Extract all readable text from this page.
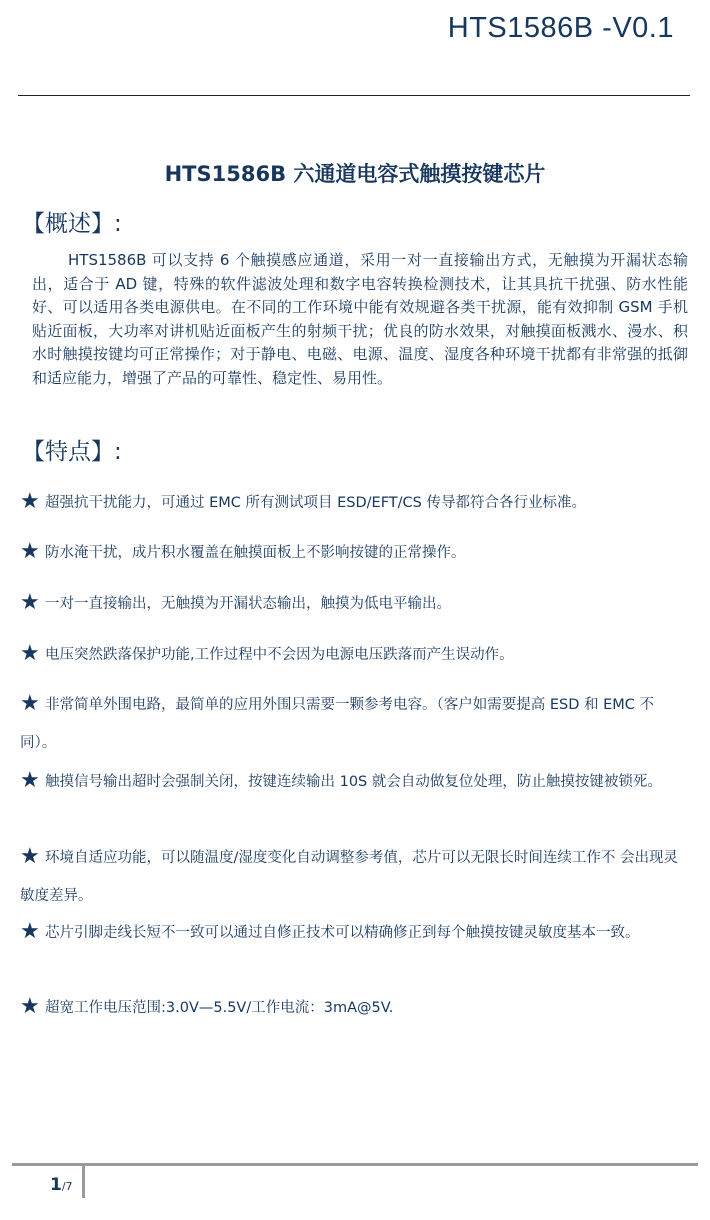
HTS1586B -V0.1
HTS1586B 六通道电容式触摸按键芯片
【概述】:
HTS1586B 可以支持 6 个触摸感应通道，采用一对一直接输出方式，无触摸为开漏状态输出，适合于 AD 键，特殊的软件滤波处理和数字电容转换检测技术，让其具抗干扰强、防水性能好、可以适用各类电源供电。在不同的工作环境中能有效规避各类干扰源，能有效抑制 GSM 手机贴近面板，大功率对讲机贴近面板产生的射频干扰；优良的防水效果，对触摸面板溅水、漫水、积水时触摸按键均可正常操作；对于静电、电磁、电源、温度、湿度各种环境干扰都有非常强的抵御和适应能力，增强了产品的可靠性、稳定性、易用性。
【特点】:
★ 超强抗干扰能力，可通过 EMC 所有测试项目 ESD/EFT/CS 传导都符合各行业标准。
★ 防水淹干扰，成片积水覆盖在触摸面板上不影响按键的正常操作。
★ 一对一直接输出，无触摸为开漏状态输出，触摸为低电平输出。
★ 电压突然跌落保护功能,工作过程中不会因为电源电压跌落而产生误动作。
★ 非常简单外围电路，最简单的应用外围只需要一颗参考电容。（客户如需要提高 ESD 和 EMC 不同）。
★ 触摸信号输出超时会强制关闭，按键连续输出 10S 就会自动做复位处理，防止触摸按键被锁死。
★ 环境自适应功能，可以随温度/湿度变化自动调整参考值，芯片可以无限长时间连续工作不 会出现灵敏度差异。
★ 芯片引脚走线长短不一致可以通过自修正技术可以精确修正到每个触摸按键灵敏度基本一致。
★ 超宽工作电压范围:3.0V—5.5V/工作电流：3mA@5V.
1/7
